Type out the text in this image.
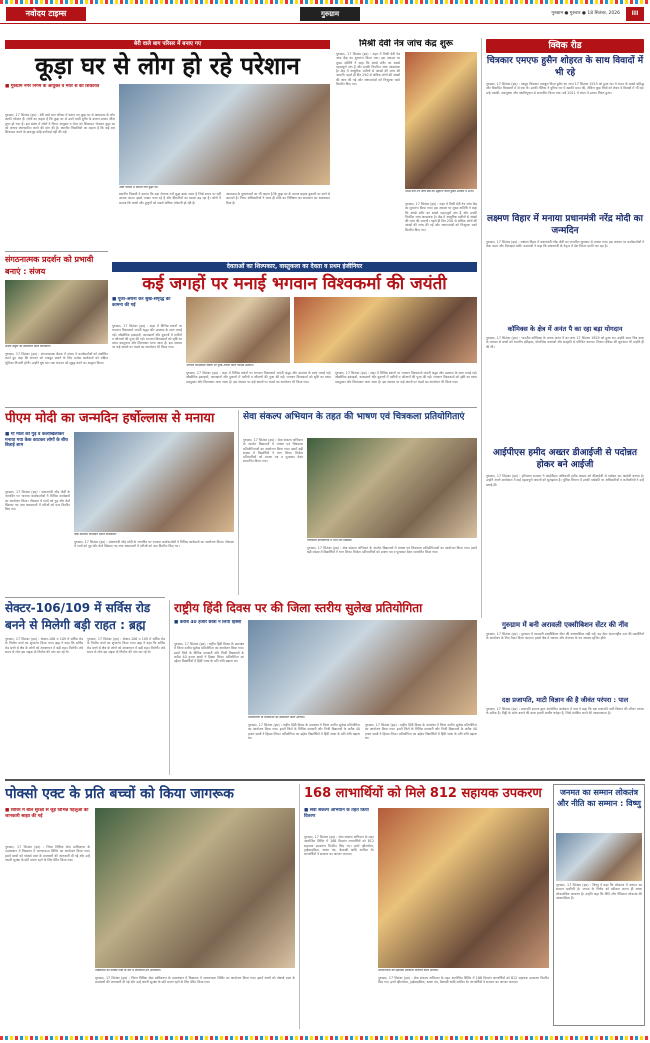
नवोदय टाइम्स	गुरुग्राम	गुरुग्राम ● गुरुवार ● 18 सितंबर, 2026	III
बेरी वाले बाग परिसर में बनाए गए
कूड़ा घर से लोग हो रहे परेशान
■ गुरुग्राम नगर निगम के आयुक्त व मेयर से की शिकायत
गुरुग्राम, 17 सितंबर (हप्र) : बेरी वाले बाग परिसर में बनाए गए कूड़ा घर से आसपास के लोग काफी परेशान हैं। लोगों का कहना है कि कूड़ा घर से उठने वाली दुर्गंध के कारण उनका जीना दूभर हो गया है। इस संबंध में लोगों ने निगम आयुक्त व मेयर को शिकायत भेजकर कूड़ा घर को अन्यत्र स्थानांतरित करने की मांग की है। स्थानीय निवासियों का कहना है कि कई बार शिकायत करने के बावजूद कोई कार्रवाई नहीं की गई।
उक्त परिसर में बनाया गया कूड़ा घर।
स्थानीय निवासी ने बताया कि यहां रोजाना टनों कूड़ा डाला जाता है जिसे समय पर नहीं उठाया जाता। इससे मच्छर पनप रहे हैं और बीमारियों का खतरा बढ़ रहा है। लोगों ने बताया कि बच्चों और बुजुर्गों को सबसे अधिक परेशानी हो रही है।
आसपास के दुकानदारों का भी कहना है कि कूड़ा घर के कारण ग्राहक दुकानों पर आने से कतराते हैं। निगम अधिकारियों ने जल्द ही मौके का निरीक्षण कर समाधान का आश्वासन दिया है।
मिश्री देवी नेत्र जांच केंद्र शुरू
गुरुग्राम, 17 सितंबर (हप्र) : शहर में मिश्री देवी नेत्र जांच केंद्र का शुभारंभ किया गया। इस अवसर पर मुख्य अतिथि ने कहा कि आंखें शरीर का सबसे महत्वपूर्ण अंग हैं और इनकी नियमित जांच आवश्यक है। केंद्र में आधुनिक मशीनों से आंखों की जांच की जाएगी। पहले ही दिन 250 से अधिक लोगों की आंखों की जांच की गई और जरूरतमंदों को निःशुल्क चश्मे वितरित किए गए।
मिश्री देवी नेत्र जांच केंद्र का उद्घाटन करते मुख्य अतिथि व अन्य।
गुरुग्राम, 17 सितंबर (हप्र) : शहर में मिश्री देवी नेत्र जांच केंद्र का शुभारंभ किया गया। इस अवसर पर मुख्य अतिथि ने कहा कि आंखें शरीर का सबसे महत्वपूर्ण अंग हैं और इनकी नियमित जांच आवश्यक है। केंद्र में आधुनिक मशीनों से आंखों की जांच की जाएगी। पहले ही दिन 250 से अधिक लोगों की आंखों की जांच की गई और जरूरतमंदों को निःशुल्क चश्मे वितरित किए गए।
क्विक रीड
चित्रकार एमएफ हुसैन शोहरत के साथ विवादों में भी रहे
गुरुग्राम, 17 सितंबर (हप्र) : मशहूर चित्रकार मकबूल फिदा हुसैन का जन्म 17 सितंबर 1915 को हुआ था। वे भारत के सबसे प्रसिद्ध और विवादित चित्रकारों में से एक थे। उनकी पेंटिंग्स ने दुनिया भर में ख्याति प्राप्त की, लेकिन कुछ चित्रों को लेकर वे विवादों में भी रहे। उन्हें पद्मश्री, पद्मभूषण और पद्मविभूषण से सम्मानित किया गया। वर्ष 2011 में लंदन में उनका निधन हुआ।
लक्ष्मण विहार में मनाया प्रधानमंत्री नरेंद्र मोदी का जन्मदिन
गुरुग्राम, 17 सितंबर (हप्र) : लक्ष्मण विहार में प्रधानमंत्री नरेंद्र मोदी का जन्मदिन धूमधाम से मनाया गया। इस अवसर पर कार्यकर्ताओं ने केक काटा और मिठाइयां बांटी। वक्ताओं ने कहा कि प्रधानमंत्री के नेतृत्व में देश निरंतर प्रगति कर रहा है।
कॉमिक्स के क्षेत्र में अनंत पै का रहा बड़ा योगदान
गुरुग्राम, 17 सितंबर (हप्र) : भारतीय कॉमिक्स के जनक अनंत पै का जन्म 17 सितंबर 1929 को हुआ था। उन्होंने अमर चित्र कथा के माध्यम से बच्चों को भारतीय इतिहास, पौराणिक कथाओं और संस्कृति से परिचित कराया। टिंकल पत्रिका की शुरुआत भी उन्होंने ही की थी।
आईपीएस हमीद अख्तर डीआईजी से पदोन्नत होकर बने आईजी
गुरुग्राम, 17 सितंबर (हप्र) : हरियाणा सरकार ने आईपीएस अधिकारी हमीद अख्तर को डीआईजी से पदोन्नत कर आईजी बनाया है। उन्होंने अपने कार्यकाल में कई महत्वपूर्ण मामलों को सुलझाया है। पुलिस विभाग में उनकी पदोन्नति पर अधिकारियों व कर्मचारियों ने उन्हें बधाई दी।
गुरुग्राम में बनी अरावली एक्सीबिशन सेंटर की नींव
गुरुग्राम, 17 सितंबर (हप्र) : गुरुग्राम में अरावली एक्सीबिशन सेंटर की आधारशिला रखी गई। यह सेंटर अंतरराष्ट्रीय स्तर की प्रदर्शनियों के आयोजन के लिए तैयार किया जाएगा। इससे क्षेत्र में व्यापार और रोजगार के नए अवसर सृजित होंगे।
दक्ष प्रजापति, माटी विज्ञान की है जीवंत परंपरा : पाल
गुरुग्राम, 17 सितंबर (हप्र) : प्रजापति समाज द्वारा आयोजित कार्यक्रम में पाल ने कहा कि दक्ष प्रजापति माटी विज्ञान की जीवंत परंपरा के प्रतीक हैं। मिट्टी के बर्तन बनाने की कला हमारी प्राचीन धरोहर है, जिसे संरक्षित करने की आवश्यकता है।
संगठनात्मक प्रदर्शन को प्रभावी बनाएं : संजय
संजय ठाकुर को सम्मानित करते कार्यकर्ता।
गुरुग्राम, 17 सितंबर (हप्र) : संगठनात्मक बैठक में संजय ने कार्यकर्ताओं को संबोधित करते हुए कहा कि संगठन को मजबूत बनाने के लिए प्रत्येक कार्यकर्ता को सक्रिय भूमिका निभानी होगी। उन्होंने बूथ स्तर तक संगठन को सुदृढ़ करने का आह्वान किया।
देवताओं का शिल्पकार, वास्तुकला का देवता व प्रथम इंजीनियर
कई जगहों पर मनाई भगवान विश्वकर्मा की जयंती
■ पूजा-अर्चना कर सुख-समृद्धि की कामना की गई
गुरुग्राम, 17 सितंबर (हप्र) : शहर में विभिन्न स्थानों पर भगवान विश्वकर्मा जयंती श्रद्धा और उल्लास के साथ मनाई गई। औद्योगिक इकाइयों, कारखानों और दुकानों में मशीनों व औजारों की पूजा की गई। भगवान विश्वकर्मा को सृष्टि का प्रथम वास्तुकार और शिल्पकार माना जाता है। इस अवसर पर कई स्थानों पर भंडारे का आयोजन भी किया गया।
भगवान विश्वकर्मा जयंती पर पूजा-अर्चना करते विभिन्न संस्थान।
गुरुग्राम, 17 सितंबर (हप्र) : शहर में विभिन्न स्थानों पर भगवान विश्वकर्मा जयंती श्रद्धा और उल्लास के साथ मनाई गई। औद्योगिक इकाइयों, कारखानों और दुकानों में मशीनों व औजारों की पूजा की गई। भगवान विश्वकर्मा को सृष्टि का प्रथम वास्तुकार और शिल्पकार माना जाता है। इस अवसर पर कई स्थानों पर भंडारे का आयोजन भी किया गया।
गुरुग्राम, 17 सितंबर (हप्र) : शहर में विभिन्न स्थानों पर भगवान विश्वकर्मा जयंती श्रद्धा और उल्लास के साथ मनाई गई। औद्योगिक इकाइयों, कारखानों और दुकानों में मशीनों व औजारों की पूजा की गई। भगवान विश्वकर्मा को सृष्टि का प्रथम वास्तुकार और शिल्पकार माना जाता है। इस अवसर पर कई स्थानों पर भंडारे का आयोजन भी किया गया।
पीएम मोदी का जन्मदिन हर्षोल्लास से मनाया
■ गौ माता को गुड़ व केलाखिलाकर मनाया गया केक काटकर लोगों के बीच बिताई शाम
गुरुग्राम, 17 सितंबर (हप्र) : प्रधानमंत्री नरेंद्र मोदी के जन्मदिन पर भाजपा कार्यकर्ताओं ने विभिन्न कार्यक्रमों का आयोजन किया। गौशाला में गायों को गुड़ और केले खिलाए गए तथा अस्पतालों में मरीजों को फल वितरित किए गए।
केक काटकर जन्मदिन मनाते कार्यकर्ता।
गुरुग्राम, 17 सितंबर (हप्र) : प्रधानमंत्री नरेंद्र मोदी के जन्मदिन पर भाजपा कार्यकर्ताओं ने विभिन्न कार्यक्रमों का आयोजन किया। गौशाला में गायों को गुड़ और केले खिलाए गए तथा अस्पतालों में मरीजों को फल वितरित किए गए।
सेवा संकल्प अभियान के तहत की भाषण एवं चित्रकला प्रतियोगिताएं
गुरुग्राम, 17 सितंबर (हप्र) : सेवा संकल्प अभियान के अंतर्गत विद्यालयों में भाषण एवं चित्रकला प्रतियोगिताओं का आयोजन किया गया। इसमें बड़ी संख्या में विद्यार्थियों ने भाग लिया। विजेता प्रतिभागियों को प्रमाण पत्र व पुरस्कार देकर सम्मानित किया गया।
चित्रकला प्रतियोगिता में भाग लेते विद्यार्थी।
गुरुग्राम, 17 सितंबर (हप्र) : सेवा संकल्प अभियान के अंतर्गत विद्यालयों में भाषण एवं चित्रकला प्रतियोगिताओं का आयोजन किया गया। इसमें बड़ी संख्या में विद्यार्थियों ने भाग लिया। विजेता प्रतिभागियों को प्रमाण पत्र व पुरस्कार देकर सम्मानित किया गया।
सेक्टर-106/109 में सर्विस रोड बनने से मिलेगी बड़ी राहत : ब्रह्म
गुरुग्राम, 17 सितंबर (हप्र) : सेक्टर-106 व 109 में सर्विस रोड के निर्माण कार्य का शुभारंभ किया गया। ब्रह्म ने कहा कि सर्विस रोड बनने से क्षेत्र के लोगों को आवागमन में बड़ी राहत मिलेगी। लंबे समय से लोग इस सड़क के निर्माण की मांग कर रहे थे।
गुरुग्राम, 17 सितंबर (हप्र) : सेक्टर-106 व 109 में सर्विस रोड के निर्माण कार्य का शुभारंभ किया गया। ब्रह्म ने कहा कि सर्विस रोड बनने से क्षेत्र के लोगों को आवागमन में बड़ी राहत मिलेगी। लंबे समय से लोग इस सड़क के निर्माण की मांग कर रहे थे।
राष्ट्रीय हिंदी दिवस पर की जिला स्तरीय सुलेख प्रतियोगिता
■ करीब 40 हजार छात्रों ने लिया हिस्सा
गुरुग्राम, 17 सितंबर (हप्र) : राष्ट्रीय हिंदी दिवस के उपलक्ष्य में जिला स्तरीय सुलेख प्रतियोगिता का आयोजन किया गया। इसमें जिले के विभिन्न सरकारी और निजी विद्यालयों के करीब 40 हजार छात्रों ने हिस्सा लिया। प्रतियोगिता का उद्देश्य विद्यार्थियों में हिंदी भाषा के प्रति रुचि बढ़ाना था।
प्रतियोगिता के विजेताओं को सम्मानित करते अतिथि।
गुरुग्राम, 17 सितंबर (हप्र) : राष्ट्रीय हिंदी दिवस के उपलक्ष्य में जिला स्तरीय सुलेख प्रतियोगिता का आयोजन किया गया। इसमें जिले के विभिन्न सरकारी और निजी विद्यालयों के करीब 40 हजार छात्रों ने हिस्सा लिया। प्रतियोगिता का उद्देश्य विद्यार्थियों में हिंदी भाषा के प्रति रुचि बढ़ाना था।
गुरुग्राम, 17 सितंबर (हप्र) : राष्ट्रीय हिंदी दिवस के उपलक्ष्य में जिला स्तरीय सुलेख प्रतियोगिता का आयोजन किया गया। इसमें जिले के विभिन्न सरकारी और निजी विद्यालयों के करीब 40 हजार छात्रों ने हिस्सा लिया। प्रतियोगिता का उद्देश्य विद्यार्थियों में हिंदी भाषा के प्रति रुचि बढ़ाना था।
पोक्सो एक्ट के प्रति बच्चों को किया जागरूक
■ शिविर में बाल सुरक्षा से जुड़े विभिन्न पहलुओं की जानकारी साझा की गई
गुरुग्राम, 17 सितंबर (हप्र) : जिला विधिक सेवा प्राधिकरण के तत्वावधान में विद्यालय में जागरूकता शिविर का आयोजन किया गया। इसमें बच्चों को पोक्सो एक्ट के प्रावधानों की जानकारी दी गई और उन्हें अपनी सुरक्षा के प्रति सजग रहने के लिए प्रेरित किया गया।
विद्यार्थियों को पोक्सो एक्ट के बारे में जानकारी देते अधिकारी।
गुरुग्राम, 17 सितंबर (हप्र) : जिला विधिक सेवा प्राधिकरण के तत्वावधान में विद्यालय में जागरूकता शिविर का आयोजन किया गया। इसमें बच्चों को पोक्सो एक्ट के प्रावधानों की जानकारी दी गई और उन्हें अपनी सुरक्षा के प्रति सजग रहने के लिए प्रेरित किया गया।
168 लाभार्थियों को मिले 812 सहायक उपकरण
■ सेवा संकल्प अभियान के तहत किया वितरण
गुरुग्राम, 17 सितंबर (हप्र) : सेवा संकल्प अभियान के तहत आयोजित शिविर में 168 दिव्यांग लाभार्थियों को 812 सहायक उपकरण वितरित किए गए। इनमें व्हीलचेयर, ट्राईसाइकिल, श्रवण यंत्र, बैसाखी आदि शामिल थे। लाभार्थियों ने सरकार का आभार जताया।
दिव्यांगजनों को सहायक उपकरण वितरित करते अतिथि।
गुरुग्राम, 17 सितंबर (हप्र) : सेवा संकल्प अभियान के तहत आयोजित शिविर में 168 दिव्यांग लाभार्थियों को 812 सहायक उपकरण वितरित किए गए। इनमें व्हीलचेयर, ट्राईसाइकिल, श्रवण यंत्र, बैसाखी आदि शामिल थे। लाभार्थियों ने सरकार का आभार जताया।
जनमत का सम्मान लोकतंत्र और नीति का सम्मान : विष्णु
गुरुग्राम, 17 सितंबर (हप्र) : विष्णु ने कहा कि लोकतंत्र में जनमत का सम्मान सर्वोपरि है। जनता के निर्णय को स्वीकार करना ही सच्चा लोकतांत्रिक आचरण है। उन्होंने कहा कि नीति और नैतिकता लोकतंत्र की आधारशिला हैं।
